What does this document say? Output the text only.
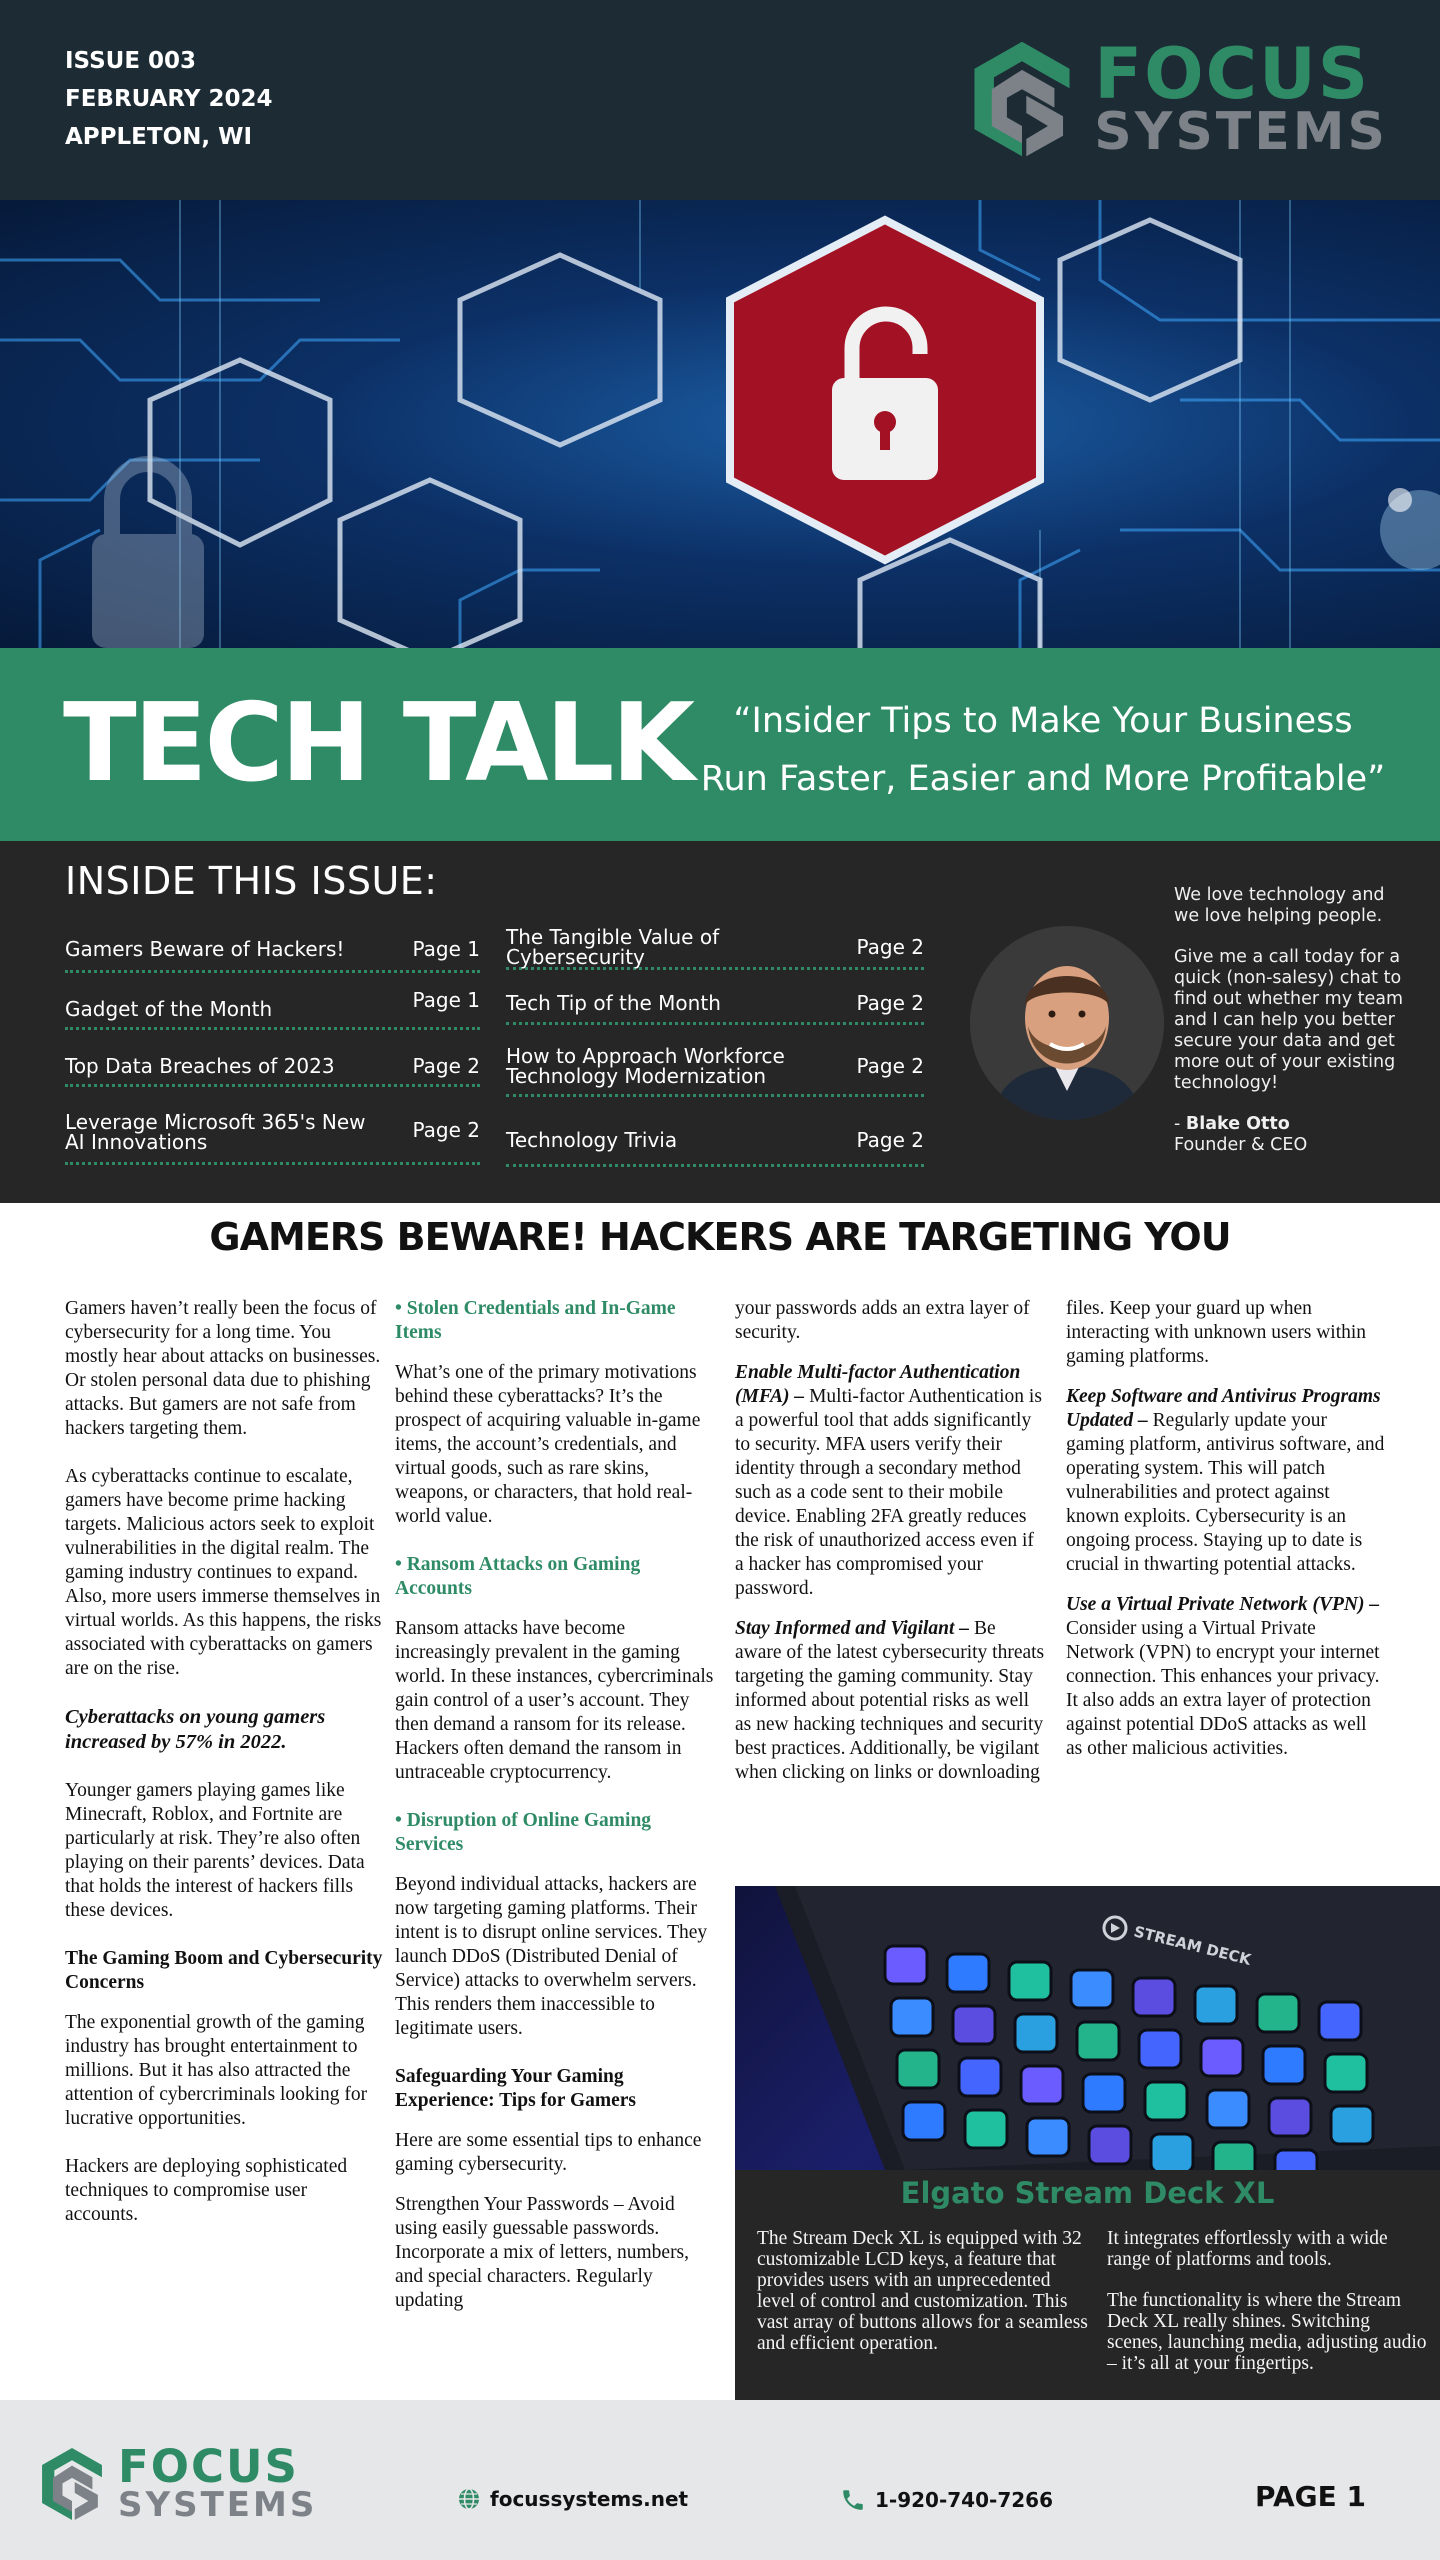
ISSUE 003
FEBRUARY 2024
APPLETON, WI
FOCUS
SYSTEMS
TECH TALK	“Insider Tips to Make Your Business Run Faster, Easier and More Profitable”
INSIDE THIS ISSUE:
Gamers Beware of Hackers!	Page 1
Gadget of the Month	Page 1
Top Data Breaches of 2023	Page 2
Leverage Microsoft 365's New AI Innovations	Page 2
The Tangible Value of Cybersecurity	Page 2
Tech Tip of the Month	Page 2
How to Approach Workforce Technology Modernization	Page 2
Technology Trivia	Page 2

We love technology and we love helping people.

Give me a call today for a quick (non-salesy) chat to find out whether my team and I can help you better secure your data and get more out of your existing technology!

- Blake Otto

Founder & CEO
GAMERS BEWARE! HACKERS ARE TARGETING YOU

Gamers haven’t really been the focus of cybersecurity for a long time. You mostly hear about attacks on businesses. Or stolen personal data due to phishing attacks. But gamers are not safe from hackers targeting them.

As cyberattacks continue to escalate, gamers have become prime hacking targets. Malicious actors seek to exploit vulnerabilities in the digital realm. The gaming industry continues to expand. Also, more users immerse themselves in virtual worlds. As this happens, the risks associated with cyberattacks on gamers are on the rise.

Cyberattacks on young gamers increased by 57% in 2022.

Younger gamers playing games like Minecraft, Roblox, and Fortnite are particularly at risk. They’re also often playing on their parents’ devices. Data that holds the interest of hackers fills these devices.

The Gaming Boom and Cybersecurity Concerns

The exponential growth of the gaming industry has brought entertainment to millions. But it has also attracted the attention of cybercriminals looking for lucrative opportunities.

Hackers are deploying sophisticated techniques to compromise user accounts.

• Stolen Credentials and In-Game Items

What’s one of the primary motivations behind these cyberattacks? It’s the prospect of acquiring valuable in-game items, the account’s credentials, and virtual goods, such as rare skins, weapons, or characters, that hold real-world value.

• Ransom Attacks on Gaming Accounts

Ransom attacks have become increasingly prevalent in the gaming world. In these instances, cybercriminals gain control of a user’s account. They then demand a ransom for its release. Hackers often demand the ransom in untraceable cryptocurrency.

• Disruption of Online Gaming Services

Beyond individual attacks, hackers are now targeting gaming platforms. Their intent is to disrupt online services. They launch DDoS (Distributed Denial of Service) attacks to overwhelm servers. This renders them inaccessible to legitimate users.

Safeguarding Your Gaming Experience: Tips for Gamers

Here are some essential tips to enhance gaming cybersecurity.

Strengthen Your Passwords – Avoid using easily guessable passwords. Incorporate a mix of letters, numbers, and special characters. Regularly updating

your passwords adds an extra layer of security.

Enable Multi-factor Authentication (MFA) – Multi-factor Authentication is a powerful tool that adds significantly to security. MFA users verify their identity through a secondary method such as a code sent to their mobile device. Enabling 2FA greatly reduces the risk of unauthorized access even if a hacker has compromised your password.

Stay Informed and Vigilant – Be aware of the latest cybersecurity threats targeting the gaming community. Stay informed about potential risks as well as new hacking techniques and security best practices. Additionally, be vigilant when clicking on links or downloading

files. Keep your guard up when interacting with unknown users within gaming platforms.

Keep Software and Antivirus Programs Updated – Regularly update your gaming platform, antivirus software, and operating system. This will patch vulnerabilities and protect against known exploits. Cybersecurity is an ongoing process. Staying up to date is crucial in thwarting potential attacks.

Use a Virtual Private Network (VPN) – Consider using a Virtual Private Network (VPN) to encrypt your internet connection. This enhances your privacy. It also adds an extra layer of protection against potential DDoS attacks as well as other malicious activities.

STREAM DECK
Elgato Stream Deck XL

The Stream Deck XL is equipped with 32 customizable LCD keys, a feature that provides users with an unprecedented level of control and customization. This vast array of buttons allows for a seamless and efficient operation.

It integrates effortlessly with a wide range of platforms and tools.

The functionality is where the Stream Deck XL really shines. Switching scenes, launching media, adjusting audio – it’s all at your fingertips.

FOCUS
SYSTEMS	focussystems.net	1-920-740-7266	PAGE 1
